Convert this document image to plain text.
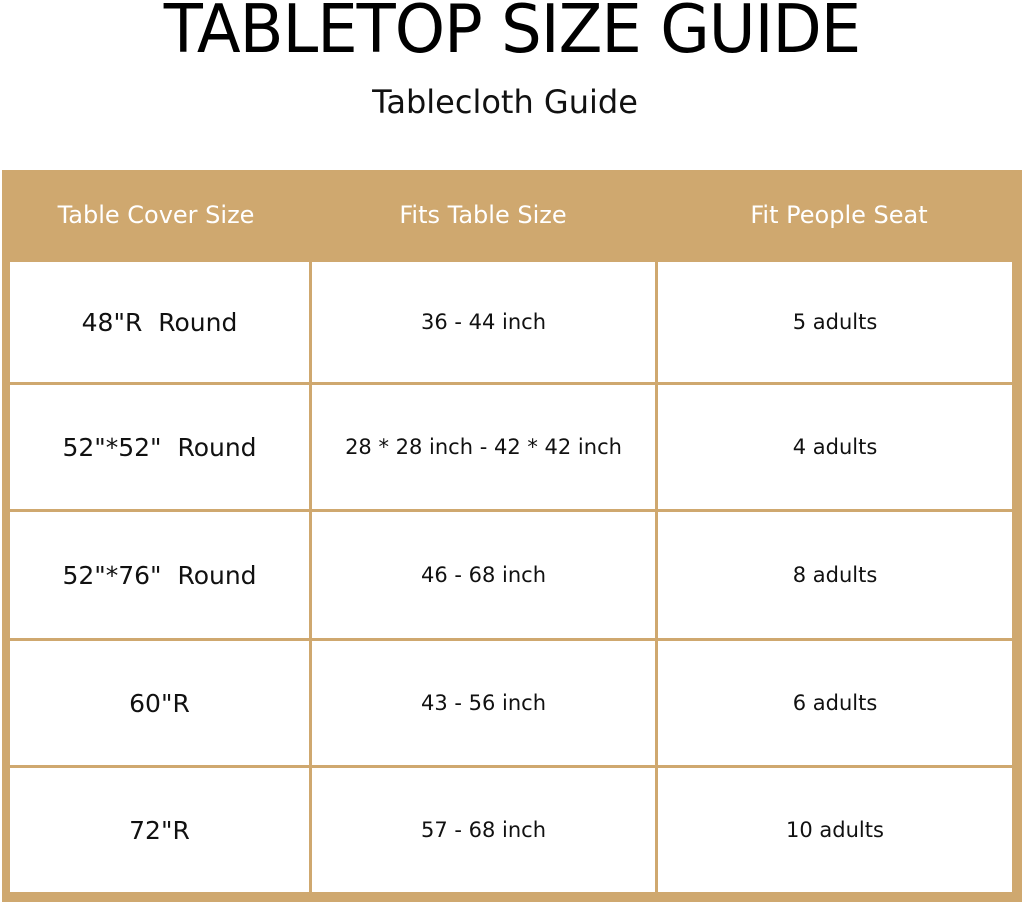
TABLETOP SIZE GUIDE
Tablecloth Guide
Table Cover Size	Fits Table Size	Fit People Seat
48"R  Round	36 - 44 inch	5 adults
52"*52"  Round	28 * 28 inch - 42 * 42 inch	4 adults
52"*76"  Round	46 - 68 inch	8 adults
60"R	43 - 56 inch	6 adults
72"R	57 - 68 inch	10 adults
